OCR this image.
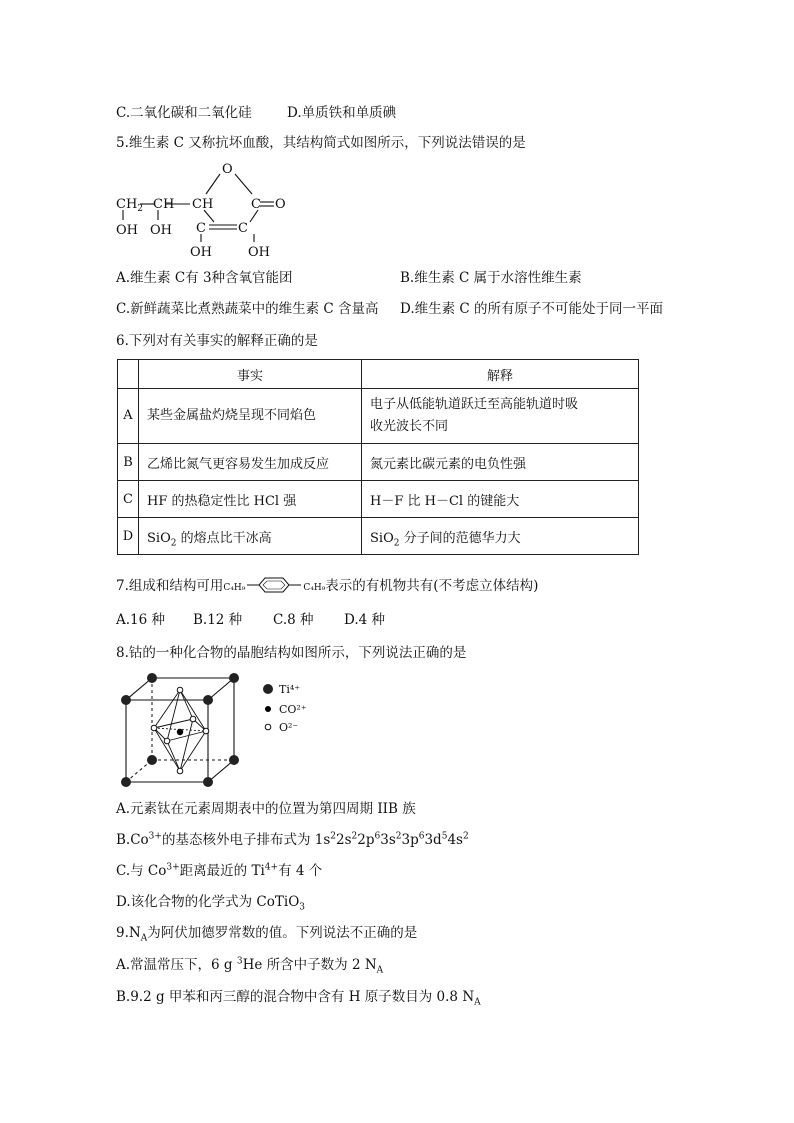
C.二氧化碳和二氧化硅	D.单质铁和单质碘
5.维生素 C 又称抗坏血酸，其结构简式如图所示，下列说法错误的是
O
$CH_2$ CH CH	C O
C C
OH OH
OH	OH
A.维生素 C有 3种含氧官能团	B.维生素 C 属于水溶性维生素
C.新鲜蔬菜比煮熟蔬菜中的维生素 C 含量高 D.维生素 C 的所有原子不可能处于同一平面
6.下列对有关事实的解释正确的是
	事实	解释
A	某些金属盐灼烧呈现不同焰色	电子从低能轨道跃迁至高能轨道时吸
收光波长不同
B	乙烯比氮气更容易发生加成反应	氮元素比碳元素的电负性强
C	HF 的热稳定性比 HCl 强	H－F 比 H－Cl 的键能大
D	SiO$_2$ 的熔点比干冰高	SiO$_2$ 分子间的范德华力大
7.组成和结构可用C₄H₉	C₄H₉表示的有机物共有(不考虑立体结构)
A.16 种 B.12 种 C.8 种 D.4 种
8.钴的一种化合物的晶胞结构如图所示，下列说法正确的是
Ti⁴⁺
CO²⁺
O²⁻
A.元素钛在元素周期表中的位置为第四周期 IIB 族
$B.Co^{3+}$的基态核外电子排布式为 $1s^22s^22p^63s^23p^63d^54s^2$
C.与 $Co^{3+}$距离最近的 $Ti^{4+}$有 4 个
D.该化合物的化学式为 CoTiO$_3$
$9.N_A$为阿伏加德罗常数的值。下列说法不正确的是
A.常温常压下，6 g $^3$He 所含中子数为 2 $N_A$
B.9.2 g 甲苯和丙三醇的混合物中含有 H 原子数目为 0.8 $N_A$
